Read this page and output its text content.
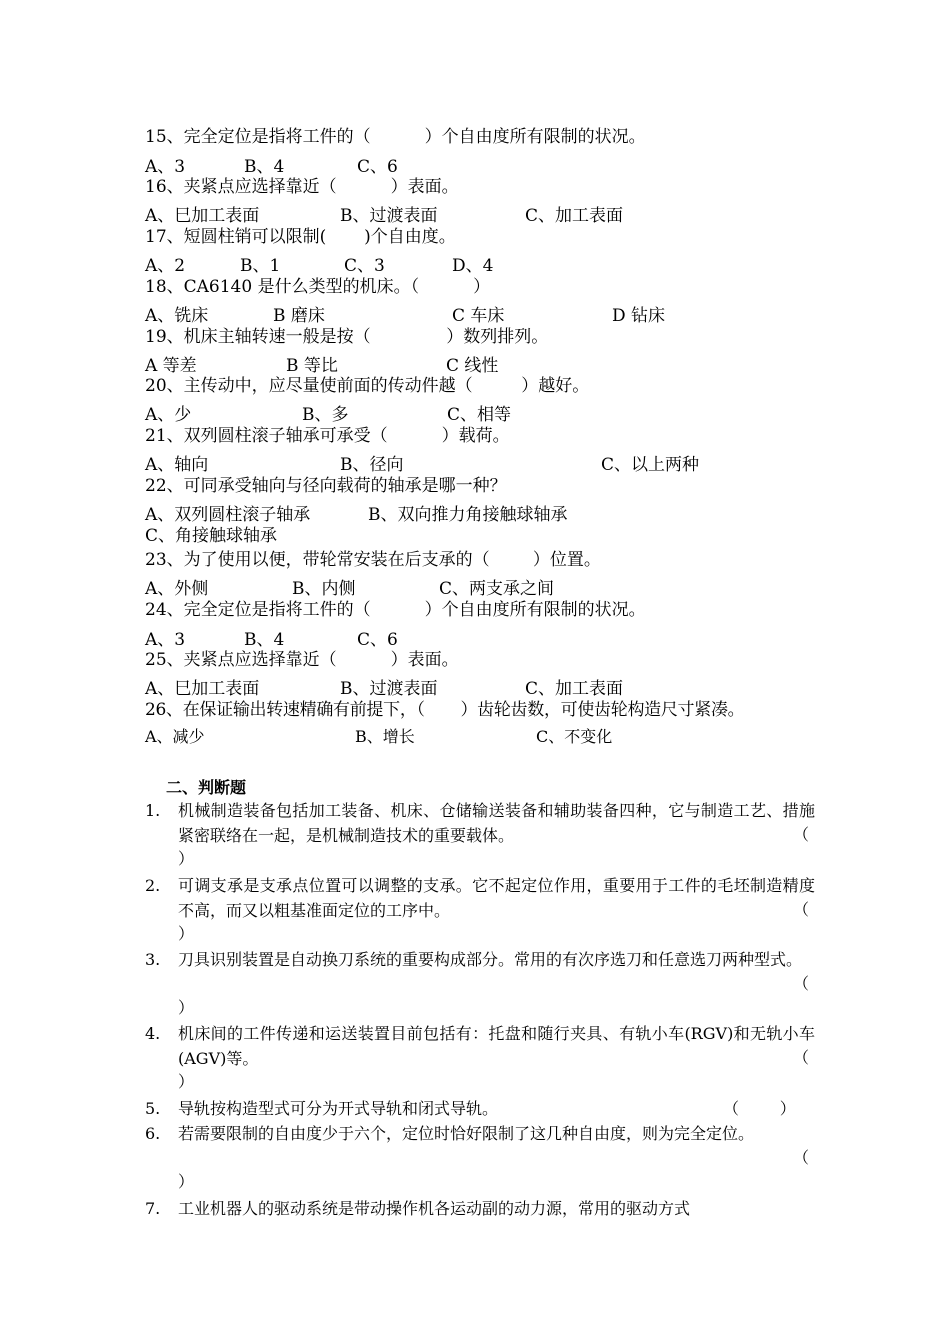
15、完全定位是指将工件的（          ）个自由度所有限制的状况。
A、3	B、4	C、6
16、夹紧点应选择靠近（          ）表面。
A、巳加工表面	B、过渡表面	C、加工表面
17、短圆柱销可以限制(       )个自由度。
A、2	B、1	C、3	D、4
18、CA6140 是什么类型的机床。（          ）
A、铣床	B 磨床	C 车床	D 钻床
19、机床主轴转速一般是按（              ）数列排列。
A 等差	B 等比	C 线性
20、主传动中，应尽量使前面的传动件越（         ）越好。
A、少	B、多	C、相等
21、双列圆柱滚子轴承可承受（          ）载荷。
A、轴向	B、径向	C、以上两种
22、可同承受轴向与径向载荷的轴承是哪一种？
A、双列圆柱滚子轴承	B、双向推力角接触球轴承
C、角接触球轴承
23、为了使用以便，带轮常安装在后支承的（        ）位置。
A、外侧	B、内侧	C、两支承之间
24、完全定位是指将工件的（          ）个自由度所有限制的状况。
A、3	B、4	C、6
25、夹紧点应选择靠近（          ）表面。
A、巳加工表面	B、过渡表面	C、加工表面
26、在保证输出转速精确有前提下，（       ）齿轮齿数，可使齿轮构造尺寸紧凑。
A、减少	B、增长	C、不变化
二、判断题
1. 机械制造装备包括加工装备、机床、仓储输送装备和辅助装备四种，它与制造工艺、措施紧密联络在一起，是机械制造技术的重要载体。	（
）
2. 可调支承是支承点位置可以调整的支承。它不起定位作用，重要用于工件的毛坯制造精度不高，而又以粗基准面定位的工序中。	（
）
3. 刀具识别装置是自动换刀系统的重要构成部分。常用的有次序选刀和任意选刀两种型式。
（
）
4. 机床间的工件传递和运送装置目前包括有：托盘和随行夹具、有轨小车(RGV)和无轨小车(AGV)等。	（
）
5. 导轨按构造型式可分为开式导轨和闭式导轨。	（        ）
6. 若需要限制的自由度少于六个，定位时恰好限制了这几种自由度，则为完全定位。
（
）
7. 工业机器人的驱动系统是带动操作机各运动副的动力源，常用的驱动方式
